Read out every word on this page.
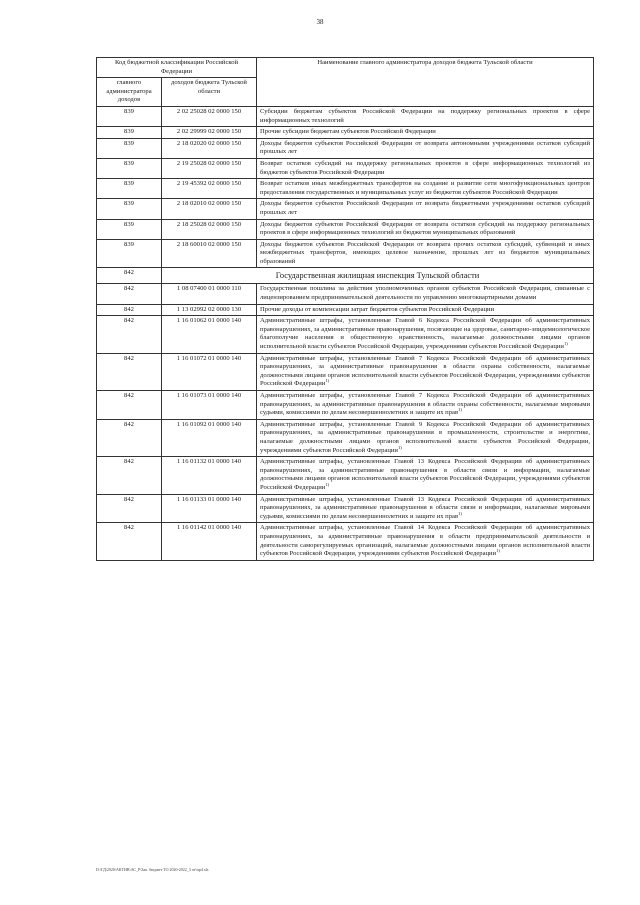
38
Код бюджетной классификации Российской Федерации		Наименование главного администратора доходов бюджета Тульской области
главного администратора доходов	доходов бюджета Тульской области	
839	2 02 25028 02 0000 150	Субсидии бюджетам субъектов Российской Федерации на поддержку региональных проектов в сфере информационных технологий
839	2 02 29999 02 0000 150	Прочие субсидии бюджетам субъектов Российской Федерации
839	2 18 02020 02 0000 150	Доходы бюджетов субъектов Российской Федерации от возврата автономными учреждениями остатков субсидий прошлых лет
839	2 19 25028 02 0000 150	Возврат остатков субсидий на поддержку региональных проектов в сфере информационных технологий из бюджетов субъектов Российской Федерации
839	2 19 45392 02 0000 150	Возврат остатков иных межбюджетных трансфертов на создание и развитие сети многофункциональных центров предоставления государственных и муниципальных услуг из бюджетов субъектов Российской Федерации
839	2 18 02010 02 0000 150	Доходы бюджетов субъектов Российской Федерации от возврата бюджетными учреждениями остатков субсидий прошлых лет
839	2 18 25028 02 0000 150	Доходы бюджетов субъектов Российской Федерации от возврата остатков субсидий на поддержку региональных проектов в сфере информационных технологий из бюджетов муниципальных образований
839	2 18 60010 02 0000 150	Доходы бюджетов субъектов Российской Федерации от возврата прочих остатков субсидий, субвенций и иных межбюджетных трансфертов, имеющих целевое назначение, прошлых лет из бюджетов муниципальных образований
842	Государственная жилищная инспекция Тульской области	
842	1 08 07400 01 0000 110	Государственная пошлина за действия уполномоченных органов субъектов Российской Федерации, связанные с лицензированием предпринимательской деятельности по управлению многоквартирными домами
842	1 13 02992 02 0000 130	Прочие доходы от компенсации затрат бюджетов субъектов Российской Федерации
842	1 16 01062 01 0000 140	Административные штрафы, установленные Главой 6 Кодекса Российской Федерации об административных правонарушениях, за административные правонарушения, посягающие на здоровье, санитарно-эпидемиологическое благополучие населения и общественную нравственность, налагаемые должностными лицами органов исполнительной власти субъектов Российской Федерации, учреждениями субъектов Российской Федерации$^{1)}$
842	1 16 01072 01 0000 140	Административные штрафы, установленные Главой 7 Кодекса Российской Федерации об административных правонарушениях, за административные правонарушения в области охраны собственности, налагаемые должностными лицами органов исполнительной власти субъектов Российской Федерации, учреждениями субъектов Российской Федерации$^{1)}$
842	1 16 01073 01 0000 140	Административные штрафы, установленные Главой 7 Кодекса Российской Федерации об административных правонарушениях, за административные правонарушения в области охраны собственности, налагаемые мировыми судьями, комиссиями по делам несовершеннолетних и защите их прав$^{1)}$
842	1 16 01092 01 0000 140	Административные штрафы, установленные Главой 9 Кодекса Российской Федерации об административных правонарушениях, за административные правонарушения в промышленности, строительстве и энергетике, налагаемые должностными лицами органов исполнительной власти субъектов Российской Федерации, учреждениями субъектов Российской Федерации$^{1)}$
842	1 16 01132 01 0000 140	Административные штрафы, установленные Главой 13 Кодекса Российской Федерации об административных правонарушениях, за административные правонарушения в области связи и информации, налагаемые должностными лицами органов исполнительной власти субъектов Российской Федерации, учреждениями субъектов Российской Федерации$^{1)}$
842	1 16 01133 01 0000 140	Административные штрафы, установленные Главой 13 Кодекса Российской Федерации об административных правонарушениях, за административные правонарушения в области связи и информации, налагаемые мировыми судьями, комиссиями по делам несовершеннолетних и защите их прав$^{1)}$
842	1 16 01142 01 0000 140	Административные штрафы, установленные Главой 14 Кодекса Российской Федерации об административных правонарушениях, за административные правонарушения в области предпринимательской деятельности и деятельности саморегулируемых организаций, налагаемые должностными лицами органов исполнительной власти субъектов Российской Федерации, учреждениями субъектов Российской Федерации$^{1)}$
D:\ГД\2020\АКТИВ\АС_Р\Зак. бюджет ТО 2020-2022_3 чт\пр4.xls
